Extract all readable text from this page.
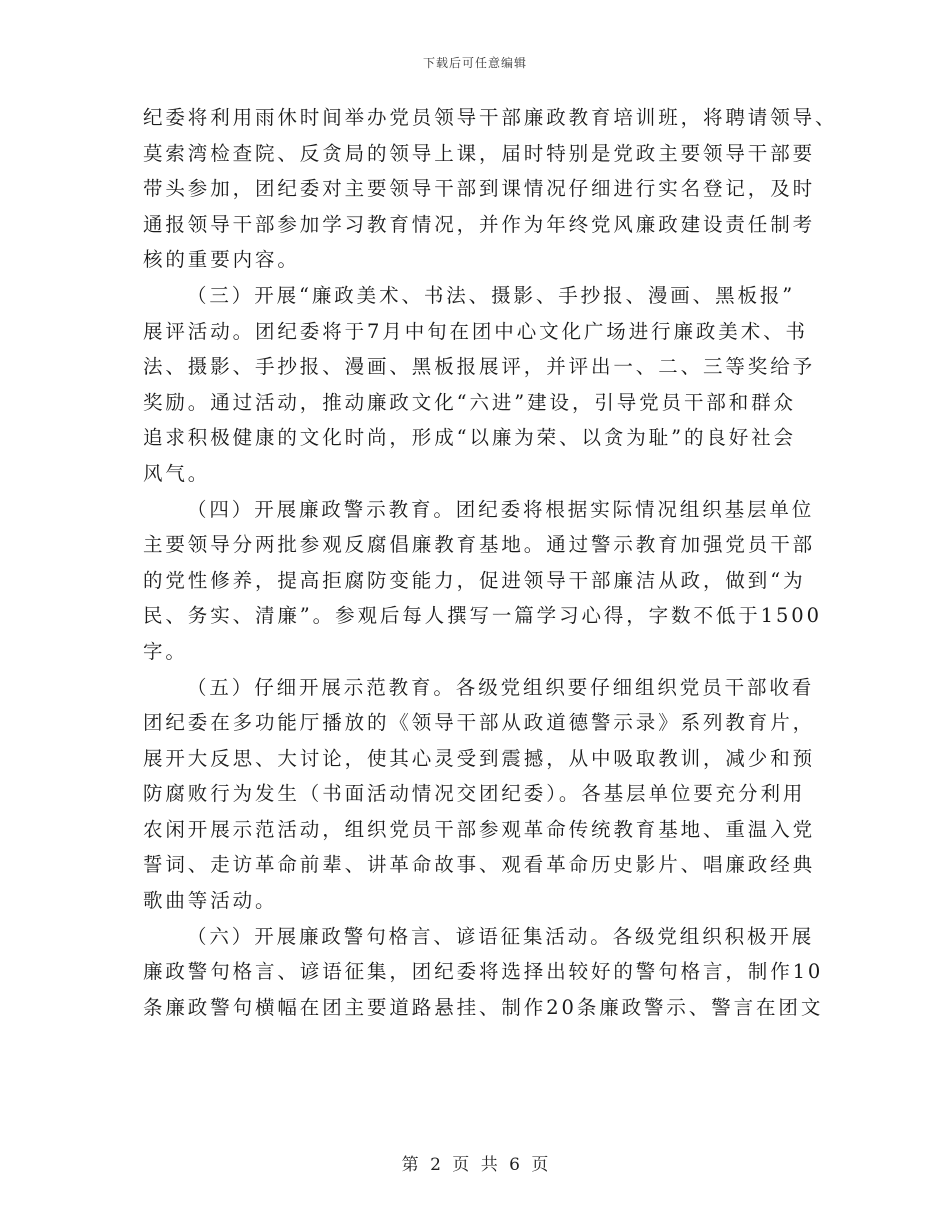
下载后可任意编辑

纪委将利用雨休时间举办党员领导干部廉政教育培训班，将聘请领导、
莫索湾检查院、反贪局的领导上课，届时特别是党政主要领导干部要
带头参加，团纪委对主要领导干部到课情况仔细进行实名登记，及时
通报领导干部参加学习教育情况，并作为年终党风廉政建设责任制考
核的重要内容。

（三）开展“廉政美术、书法、摄影、手抄报、漫画、黑板报”
展评活动。团纪委将于7月中旬在团中心文化广场进行廉政美术、书
法、摄影、手抄报、漫画、黑板报展评，并评出一、二、三等奖给予
奖励。通过活动，推动廉政文化“六进”建设，引导党员干部和群众
追求积极健康的文化时尚，形成“以廉为荣、以贪为耻”的良好社会
风气。

（四）开展廉政警示教育。团纪委将根据实际情况组织基层单位
主要领导分两批参观反腐倡廉教育基地。通过警示教育加强党员干部
的党性修养，提高拒腐防变能力，促进领导干部廉洁从政，做到“为
民、务实、清廉”。参观后每人撰写一篇学习心得，字数不低于1500
字。

（五）仔细开展示范教育。各级党组织要仔细组织党员干部收看
团纪委在多功能厅播放的《领导干部从政道德警示录》系列教育片，
展开大反思、大讨论，使其心灵受到震撼，从中吸取教训，减少和预
防腐败行为发生（书面活动情况交团纪委）。各基层单位要充分利用
农闲开展示范活动，组织党员干部参观革命传统教育基地、重温入党
誓词、走访革命前辈、讲革命故事、观看革命历史影片、唱廉政经典
歌曲等活动。

（六）开展廉政警句格言、谚语征集活动。各级党组织积极开展
廉政警句格言、谚语征集，团纪委将选择出较好的警句格言，制作10
条廉政警句横幅在团主要道路悬挂、制作20条廉政警示、警言在团文

第 2 页 共 6 页
